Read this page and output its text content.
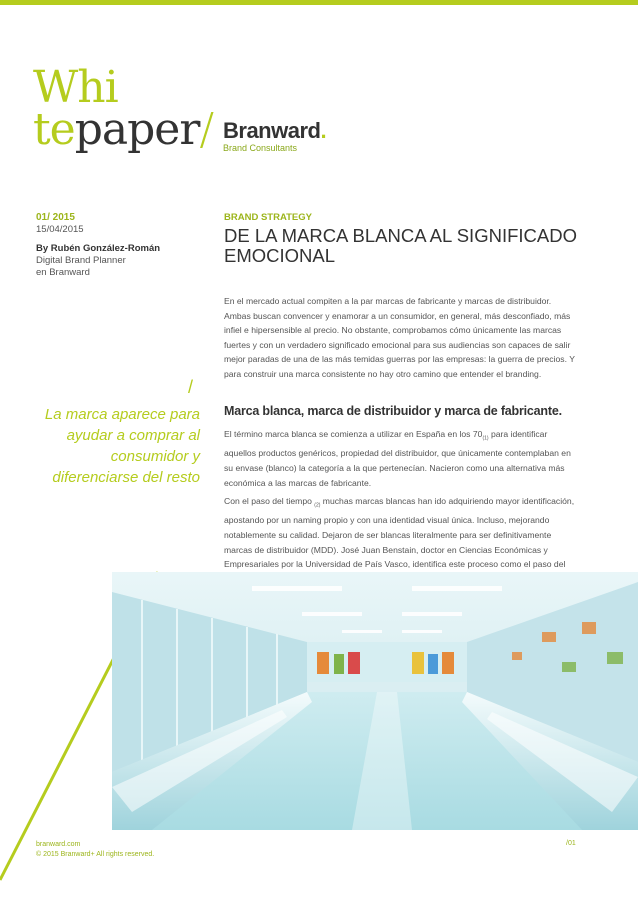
Whi
tepaper/ Branward.
Brand Consultants
01/ 2015
15/04/2015
By Rubén González-Román
Digital Brand Planner
en Branward
BRAND STRATEGY
DE LA MARCA BLANCA AL SIGNIFICADO EMOCIONAL

En el mercado actual compiten a la par marcas de fabricante y marcas de distribuidor. Ambas buscan convencer y enamorar a un consumidor, en general, más desconfiado, más infiel e hipersensible al precio. No obstante, comprobamos cómo únicamente las marcas fuertes y con un verdadero significado emocional para sus audiencias son capaces de salir mejor paradas de una de las más temidas guerras por las empresas: la guerra de precios. Y para construir una marca consistente no hay otro camino que entender el branding.

Marca blanca, marca de distribuidor y marca de fabricante.

El término marca blanca se comienza a utilizar en España en los $70_{(1)}$ para identificar aquellos productos genéricos, propiedad del distribuidor, que únicamente contemplaban en su envase (blanco) la categoría a la que pertenecían. Nacieron como una alternativa más económica a las marcas de fabricante.

Con el paso del tiempo $_{(2)}$ muchas marcas blancas han ido adquiriendo mayor identificación, apostando por un naming propio y con una identidad visual única. Incluso, mejorando notablemente su calidad. Dejaron de ser blancas literalmente para ser definitivamente marcas de distribuidor (MDD). José Juan Benstain, doctor en Ciencias Económicas y Empresariales por la Universidad de País Vasco, identifica este proceso como el paso del

/
La marca aparece para ayudar a comprar al consumidor y diferenciarse del resto
branward.com
© 2015 Branward+ All rights reserved.
/01
